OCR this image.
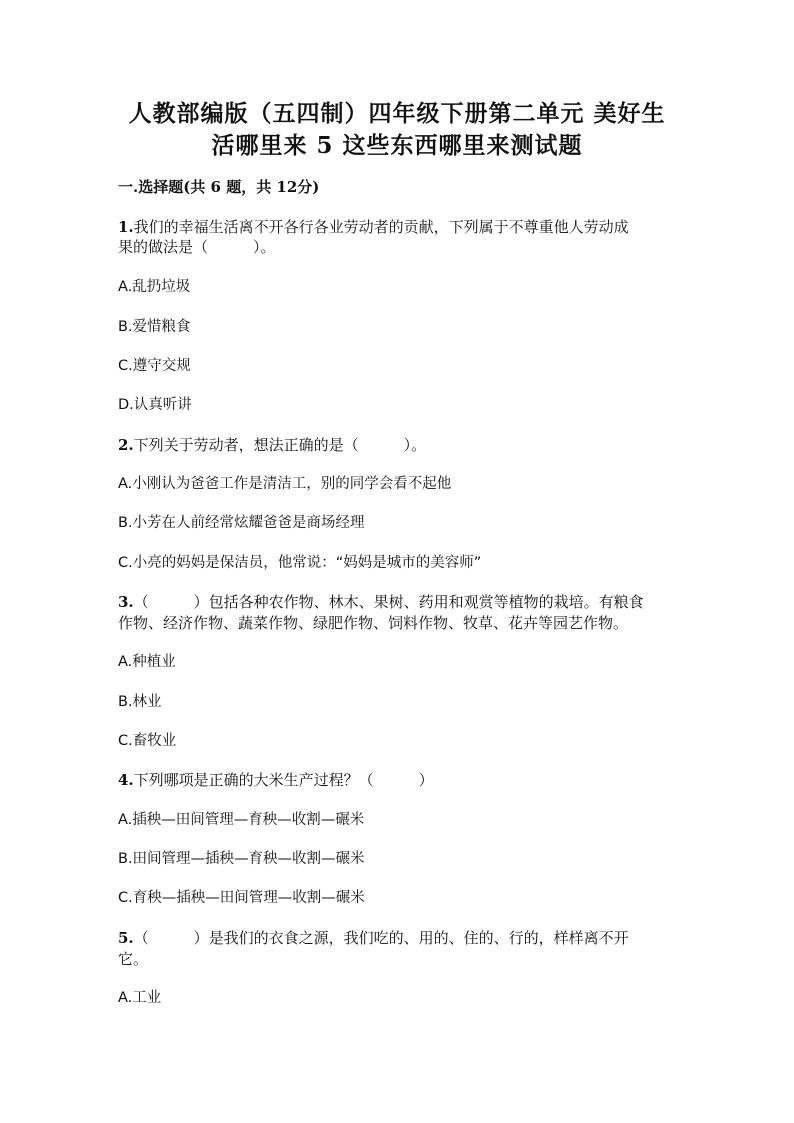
人教部编版（五四制）四年级下册第二单元 美好生
活哪里来 5 这些东西哪里来测试题
一.选择题(共 6 题，共 12分)
1.我们的幸福生活离不开各行各业劳动者的贡献，下列属于不尊重他人劳动成
果的做法是（　　　）。
A.乱扔垃圾
B.爱惜粮食
C.遵守交规
D.认真听讲
2.下列关于劳动者，想法正确的是（　　　）。
A.小刚认为爸爸工作是清洁工，别的同学会看不起他
B.小芳在人前经常炫耀爸爸是商场经理
C.小亮的妈妈是保洁员，他常说：“妈妈是城市的美容师”
3.（　　　）包括各种农作物、林木、果树、药用和观赏等植物的栽培。有粮食
作物、经济作物、蔬菜作物、绿肥作物、饲料作物、牧草、花卉等园艺作物。
A.种植业
B.林业
C.畜牧业
4.下列哪项是正确的大米生产过程？（　　　）
A.插秧—田间管理—育秧—收割—碾米
B.田间管理—插秧—育秧—收割—碾米
C.育秧—插秧—田间管理—收割—碾米
5.（　　　）是我们的衣食之源，我们吃的、用的、住的、行的，样样离不开
它。
A.工业
